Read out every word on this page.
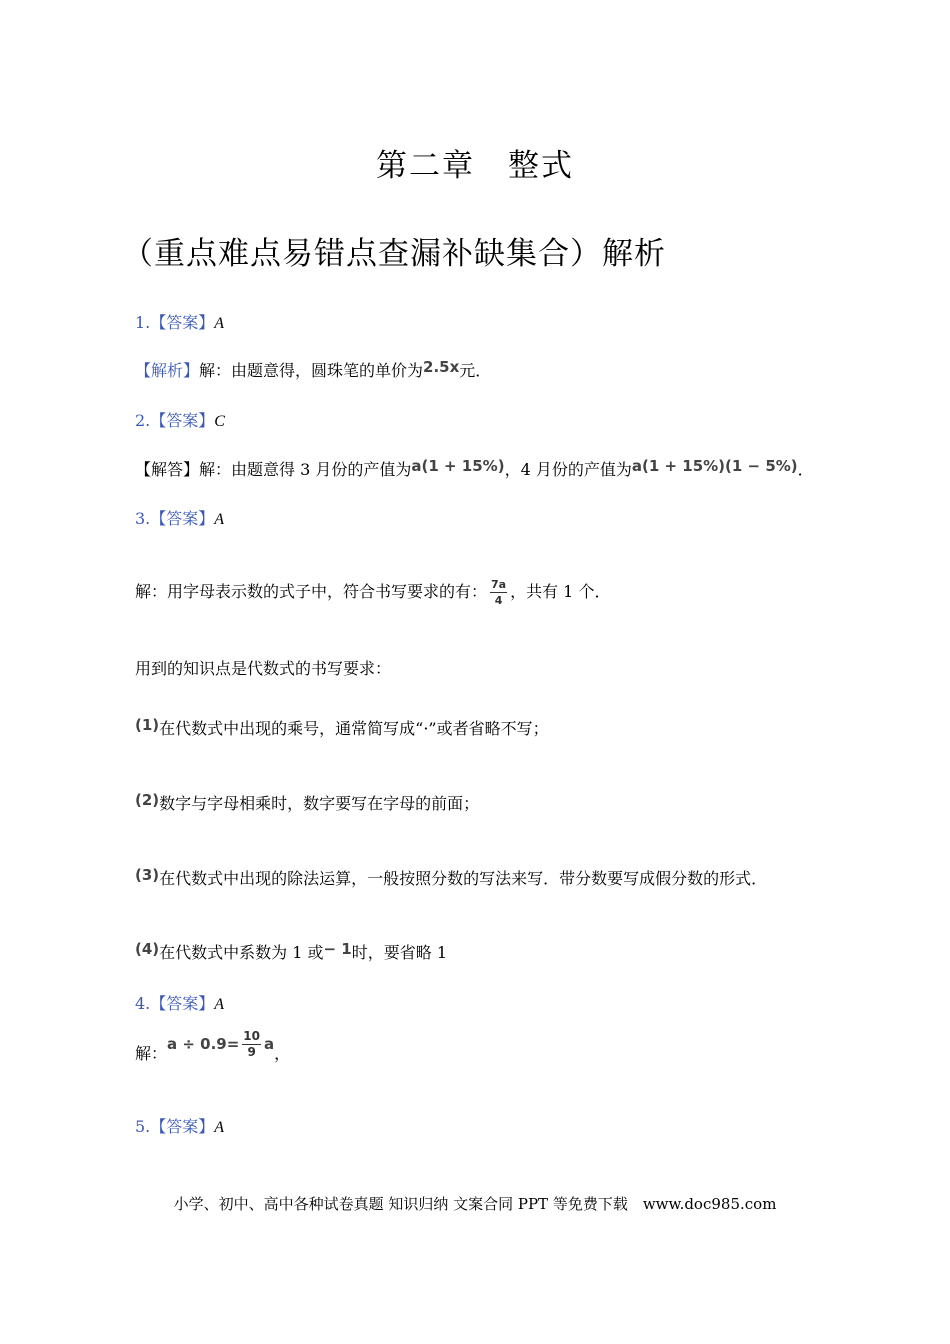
第二章　整式
（重点难点易错点查漏补缺集合）解析
1.【答案】A
【解析】解：由题意得，圆珠笔的单价为2.5x元．
2.【答案】C
【解答】解：由题意得 3 月份的产值为a(1 + 15%)，4 月份的产值为a(1 + 15%)(1 − 5%)．
3.【答案】A
解：用字母表示数的式子中，符合书写要求的有： $\frac{7a}{4}$ ，共有 1 个．
用到的知识点是代数式的书写要求：
(1)在代数式中出现的乘号，通常简写成“·”或者省略不写；
(2)数字与字母相乘时，数字要写在字母的前面；
(3)在代数式中出现的除法运算，一般按照分数的写法来写．带分数要写成假分数的形式．
(4)在代数式中系数为 1 或− 1时，要省略 1
4.【答案】A
解：$a \div 0.9= \frac{10}{9}$ a，
5.【答案】A
小学、初中、高中各种试卷真题 知识归纳 文案合同 PPT 等免费下载　www.doc985.com
